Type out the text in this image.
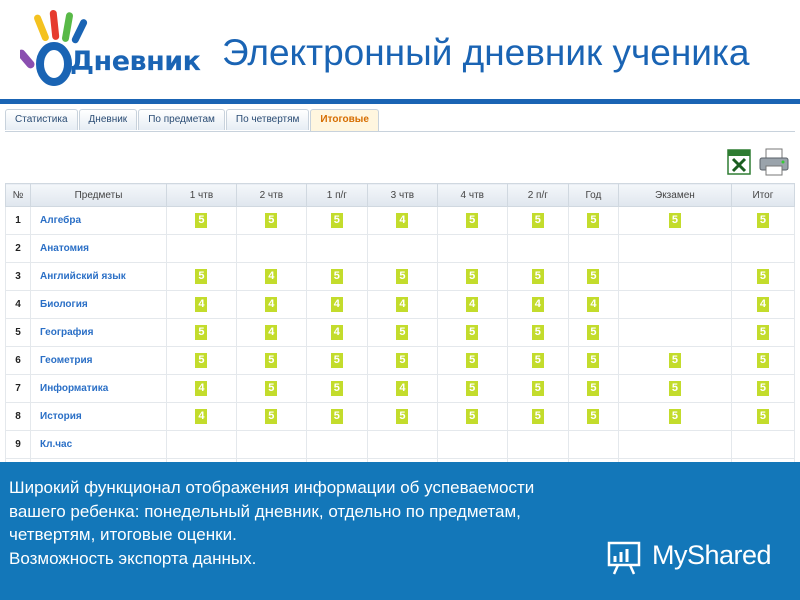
Дневник Электронный дневник ученика
Статистика	Дневник	По предметам	По четвертям	Итоговые
№	Предметы	1 чтв	2 чтв	1 п/г	3 чтв	4 чтв	2 п/г	Год	Экзамен	Итог
1	Алгебра	5	5	5	4	5	5	5	5	5
2	Анатомия									
3	Английский язык	5	4	5	5	5	5	5		5
4	Биология	4	4	4	4	4	4	4		4
5	География	5	4	4	5	5	5	5		5
6	Геометрия	5	5	5	5	5	5	5	5	5
7	Информатика	4	5	5	4	5	5	5	5	5
8	История	4	5	5	5	5	5	5	5	5
9	Кл.час									

Широкий функционал отображения информации об успеваемости
вашего ребенка: понедельный дневник, отдельно по предметам,
четвертям, итоговые оценки.
Возможность экспорта данных.	MyShared
